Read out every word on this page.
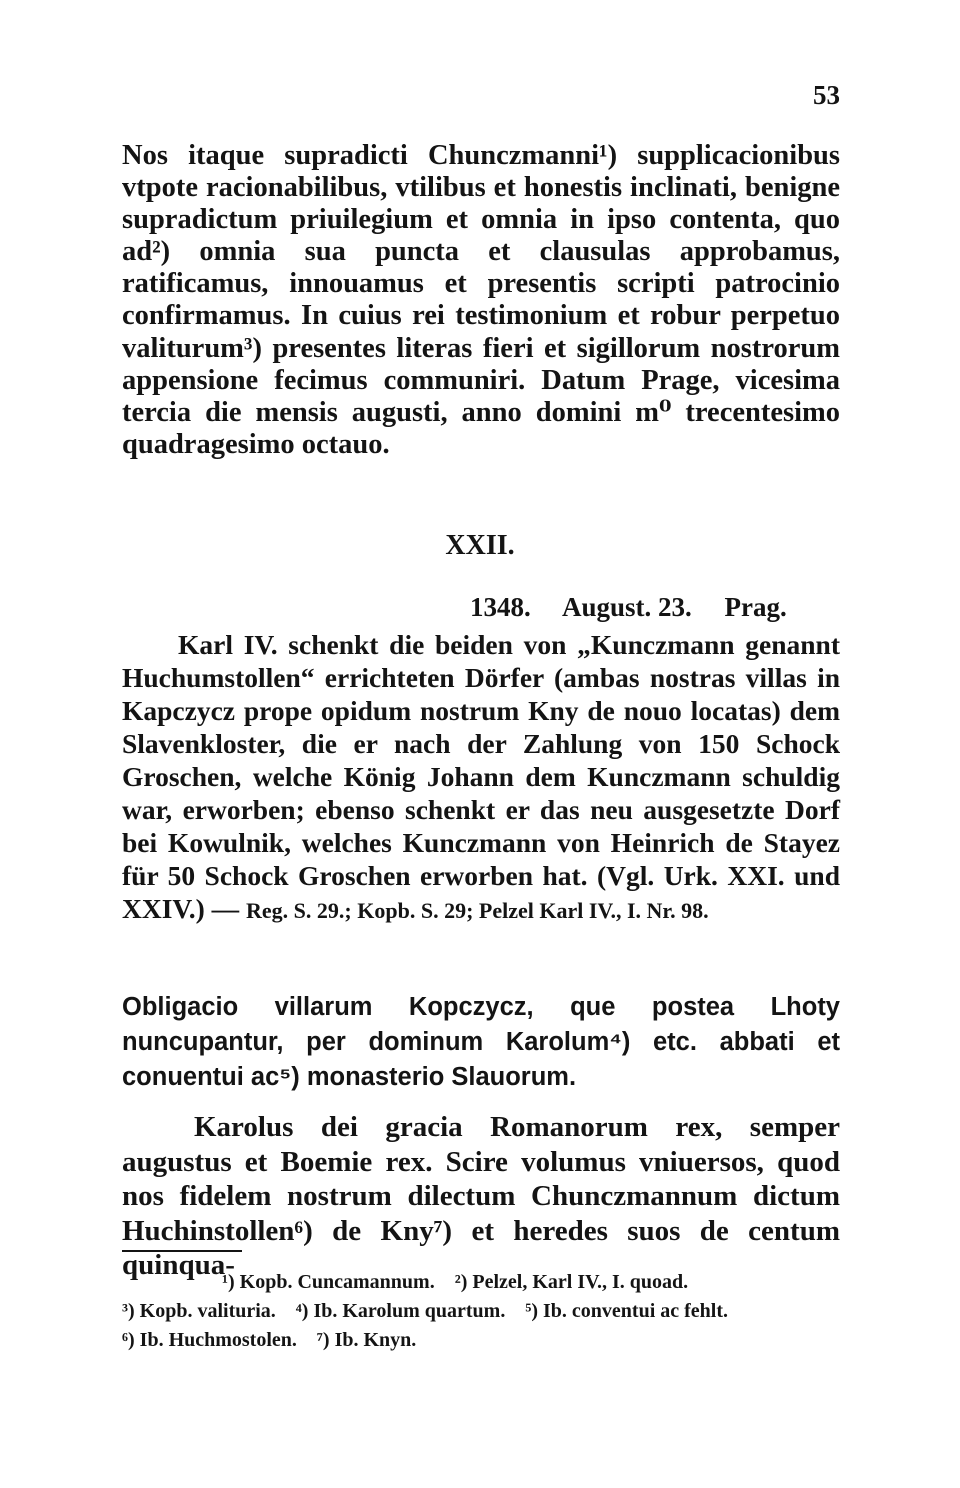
53

Nos itaque supradicti Chunczmanni¹) supplicacionibus vtpote racionabilibus, vtilibus et honestis inclinati, benigne supradictum priuilegium et omnia in ipso contenta, quo ad²) omnia sua puncta et clausulas approbamus, ratificamus, innouamus et presentis scripti patrocinio confirmamus. In cuius rei testimonium et robur perpetuo valiturum³) presentes literas fieri et sigillorum nostrorum appensione fecimus communiri. Datum Prage, vicesima tercia die mensis augusti, anno domini m⁰ trecentesimo quadragesimo octauo.

XXII.
1348. August. 23. Prag.

Karl IV. schenkt die beiden von „Kunczmann genannt Huchumstollen“ errichteten Dörfer (ambas nostras villas in Kapczycz prope opidum nostrum Kny de nouo locatas) dem Slavenkloster, die er nach der Zahlung von 150 Schock Groschen, welche König Johann dem Kunczmann schuldig war, erworben; ebenso schenkt er das neu ausgesetzte Dorf bei Kowulnik, welches Kunczmann von Heinrich de Stayez für 50 Schock Groschen erworben hat. (Vgl. Urk. XXI. und XXIV.) — Reg. S. 29.; Kopb. S. 29; Pelzel Karl IV., I. Nr. 98.

Obligacio villarum Kopczycz, que postea Lhoty nuncupantur, per dominum Karolum⁴) etc. abbati et conuentui ac⁵) monasterio Slauorum.

Karolus dei gracia Romanorum rex, semper augustus et Boemie rex. Scire volumus vniuersos, quod nos fidelem nostrum dilectum Chunczmannum dictum Huchinstollen⁶) de Kny⁷) et heredes suos de centum quinqua-

¹) Kopb. Cuncamannum. ²) Pelzel, Karl IV., I. quoad.
³) Kopb. valituria. ⁴) Ib. Karolum quartum. ⁵) Ib. conventui ac fehlt.
⁶) Ib. Huchmostolen. ⁷) Ib. Knyn.
